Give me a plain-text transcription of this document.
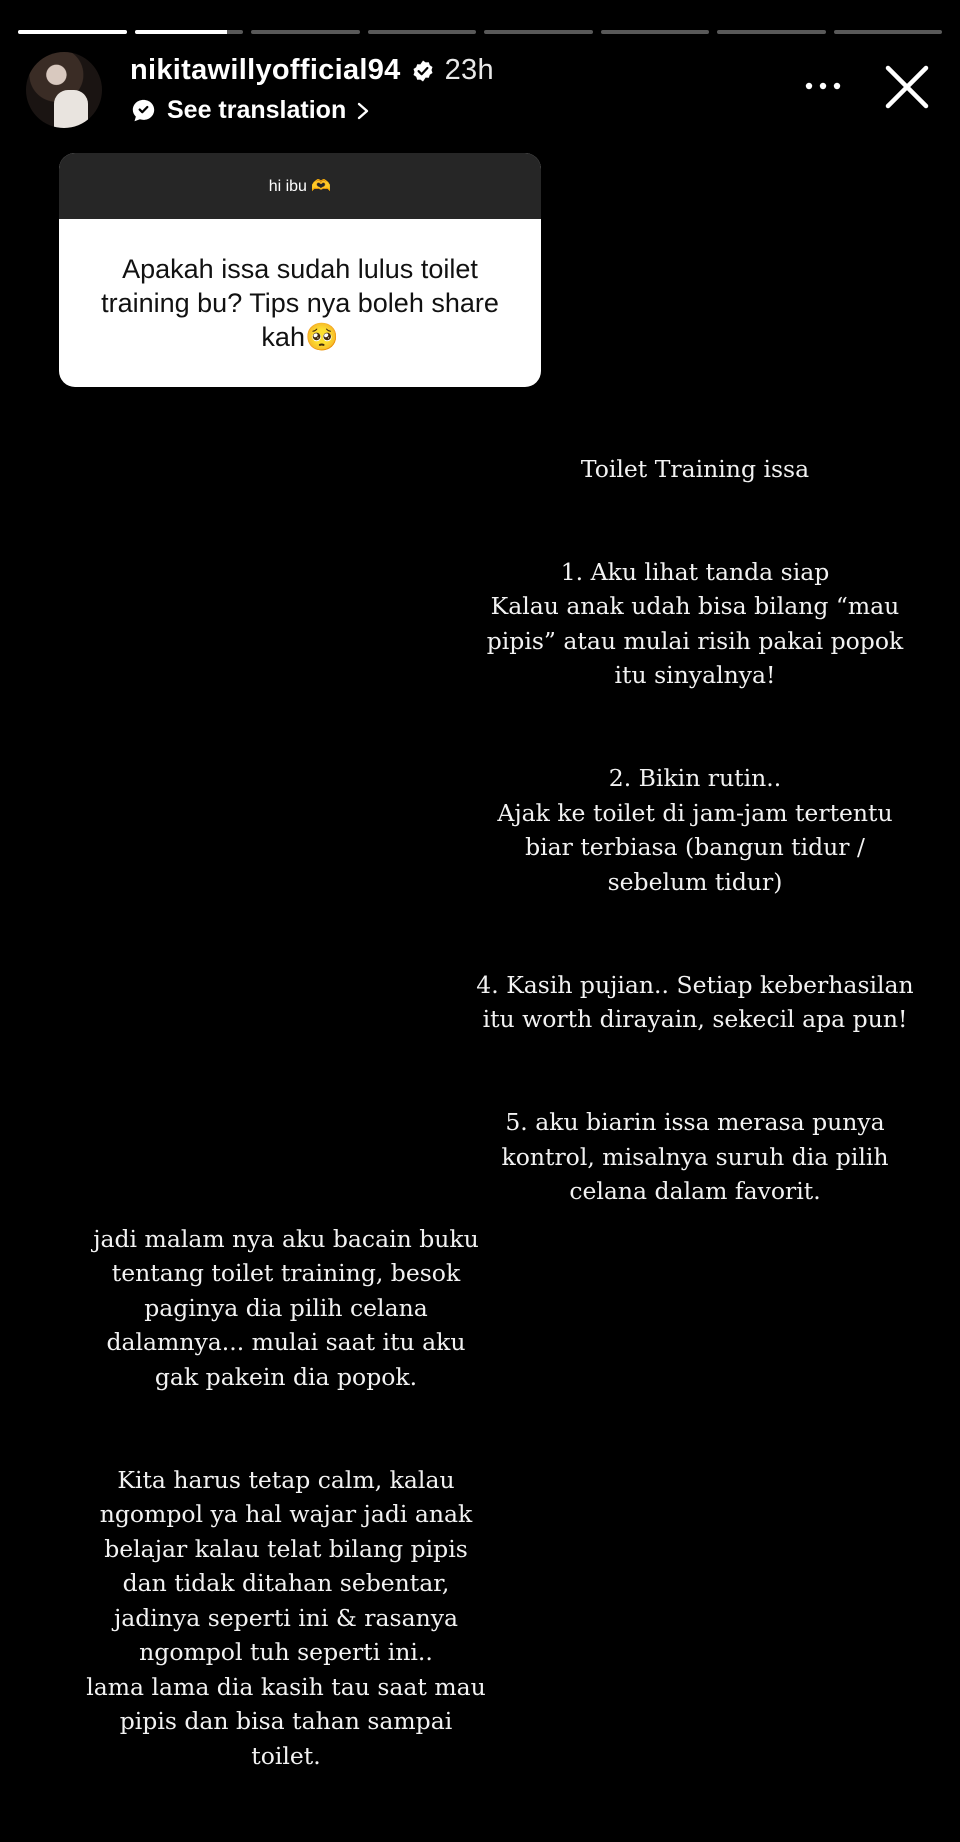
nikitawillyofficial94 23h
See translation
hi ibu 🫶
Apakah issa sudah lulus toilet training bu? Tips nya boleh share kah🥺

Toilet Training issa

1. Aku lihat tanda siap
Kalau anak udah bisa bilang “mau pipis” atau mulai risih pakai popok itu sinyalnya!

2. Bikin rutin..
Ajak ke toilet di jam-jam tertentu biar terbiasa (bangun tidur / sebelum tidur)

4. Kasih pujian.. Setiap keberhasilan itu worth dirayain, sekecil apa pun!

5. aku biarin issa merasa punya kontrol, misalnya suruh dia pilih celana dalam favorit.

jadi malam nya aku bacain buku tentang toilet training, besok paginya dia pilih celana dalamnya... mulai saat itu aku gak pakein dia popok.

Kita harus tetap calm, kalau ngompol ya hal wajar jadi anak belajar kalau telat bilang pipis dan tidak ditahan sebentar, jadinya seperti ini & rasanya ngompol tuh seperti ini..
lama lama dia kasih tau saat mau pipis dan bisa tahan sampai toilet.
